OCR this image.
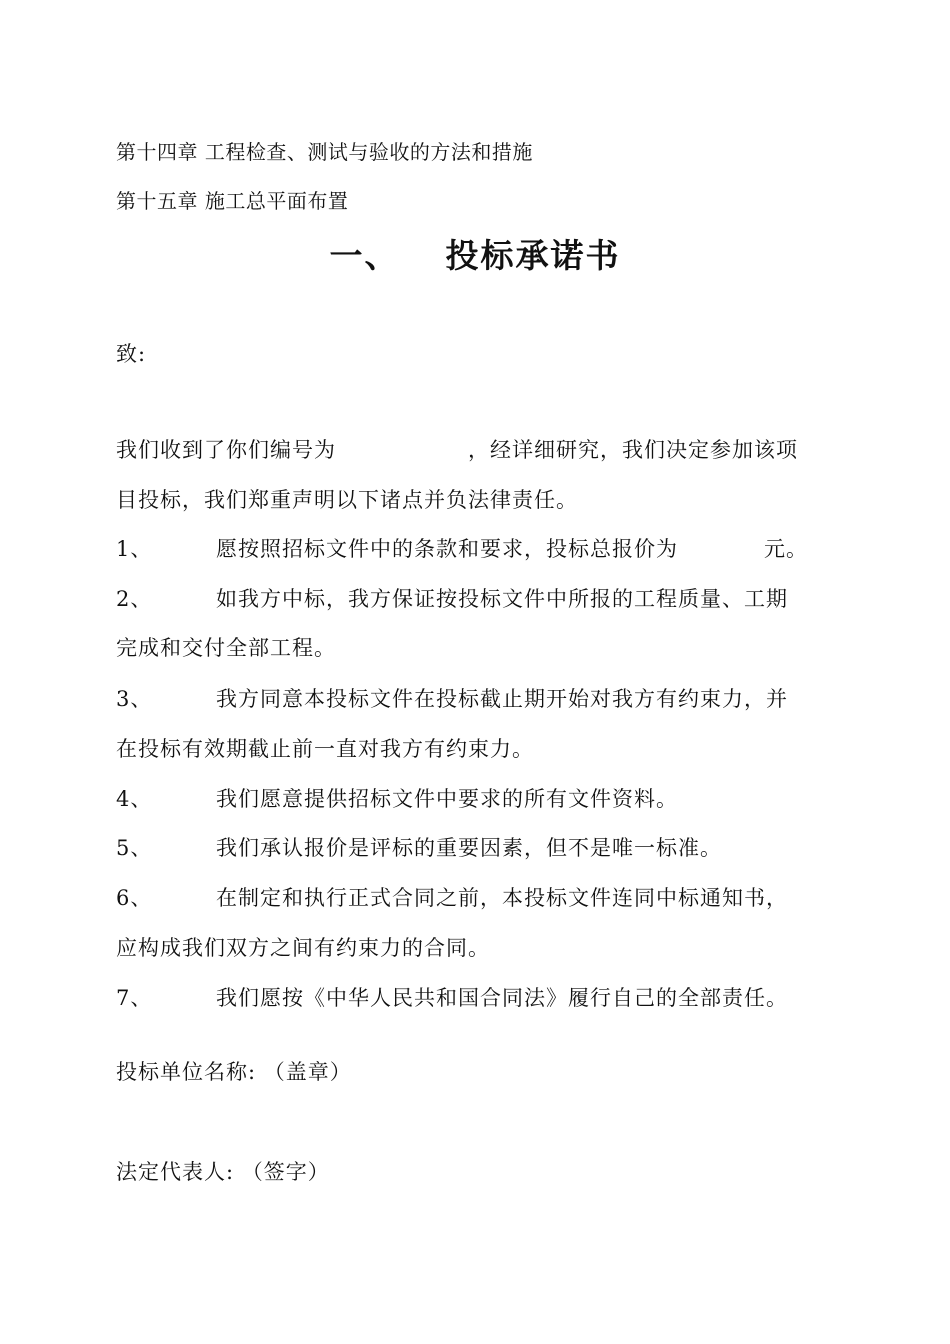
第十四章 工程检查、测试与验收的方法和措施
第十五章 施工总平面布置
一、 投标承诺书
致:
我们收到了你们编号为	，经详细研究，我们决定参加该项
目投标，我们郑重声明以下诸点并负法律责任。
1、	愿按照招标文件中的条款和要求，投标总报价为	元。
2、	如我方中标，我方保证按投标文件中所报的工程质量、工期
完成和交付全部工程。
3、	我方同意本投标文件在投标截止期开始对我方有约束力，并
在投标有效期截止前一直对我方有约束力。
4、	我们愿意提供招标文件中要求的所有文件资料。
5、	我们承认报价是评标的重要因素，但不是唯一标准。
6、	在制定和执行正式合同之前，本投标文件连同中标通知书，
应构成我们双方之间有约束力的合同。
7、	我们愿按《中华人民共和国合同法》履行自己的全部责任。
投标单位名称: （盖章）
法定代表人: （签字）
